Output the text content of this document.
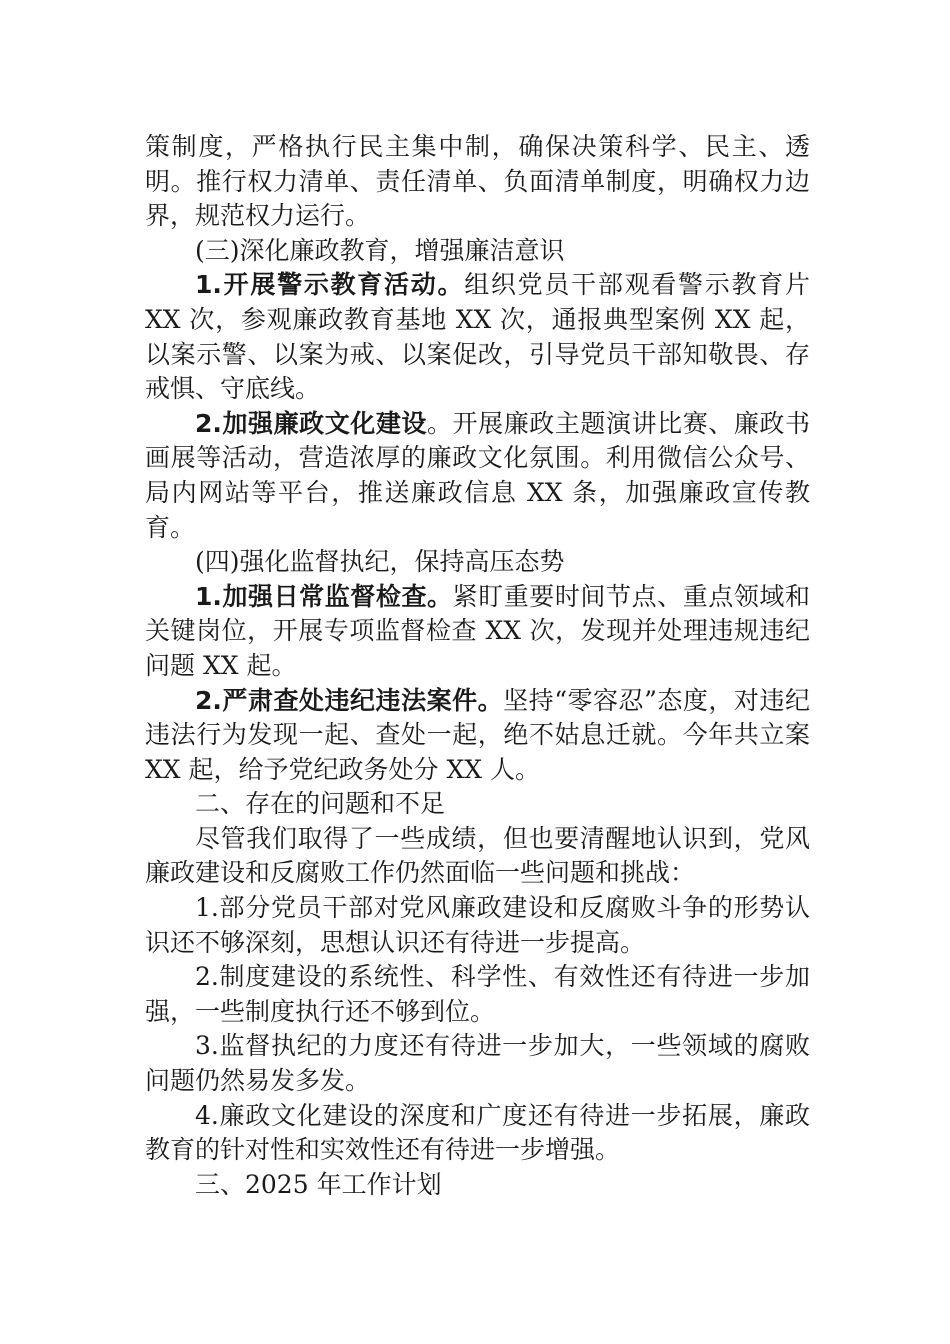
策制度，严格执行民主集中制，确保决策科学、民主、透明。推行权力清单、责任清单、负面清单制度，明确权力边界，规范权力运行。

(三)深化廉政教育，增强廉洁意识

1.开展警示教育活动。组织党员干部观看警示教育片 XX 次，参观廉政教育基地 XX 次，通报典型案例 XX 起，以案示警、以案为戒、以案促改，引导党员干部知敬畏、存戒惧、守底线。

2.加强廉政文化建设。开展廉政主题演讲比赛、廉政书画展等活动，营造浓厚的廉政文化氛围。利用微信公众号、局内网站等平台，推送廉政信息 XX 条，加强廉政宣传教育。

(四)强化监督执纪，保持高压态势

1.加强日常监督检查。紧盯重要时间节点、重点领域和关键岗位，开展专项监督检查 XX 次，发现并处理违规违纪问题 XX 起。

2.严肃查处违纪违法案件。坚持“零容忍”态度，对违纪违法行为发现一起、查处一起，绝不姑息迁就。今年共立案 XX 起，给予党纪政务处分 XX 人。

二、存在的问题和不足

尽管我们取得了一些成绩，但也要清醒地认识到，党风廉政建设和反腐败工作仍然面临一些问题和挑战：

1.部分党员干部对党风廉政建设和反腐败斗争的形势认识还不够深刻，思想认识还有待进一步提高。

2.制度建设的系统性、科学性、有效性还有待进一步加强，一些制度执行还不够到位。

3.监督执纪的力度还有待进一步加大，一些领域的腐败问题仍然易发多发。

4.廉政文化建设的深度和广度还有待进一步拓展，廉政教育的针对性和实效性还有待进一步增强。

三、2025 年工作计划
